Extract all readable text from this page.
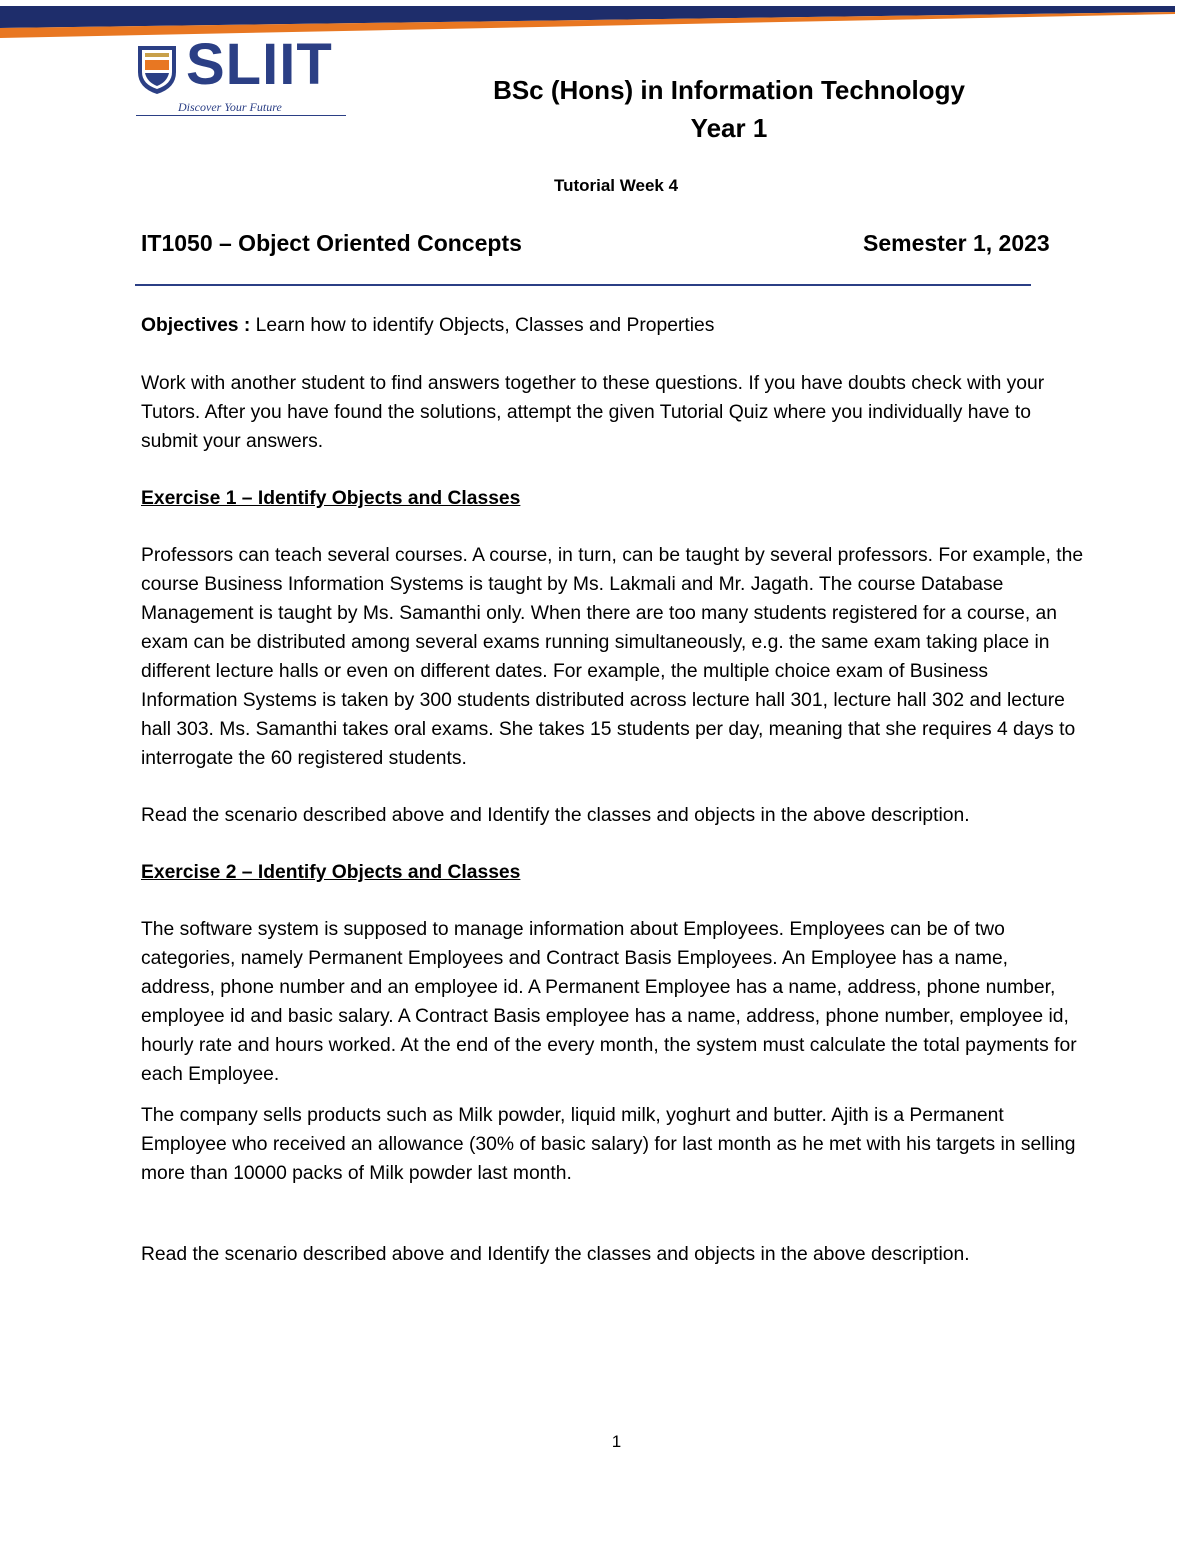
SLIIT
Discover Your Future
BSc (Hons) in Information Technology
Year 1
Tutorial Week 4
IT1050 – Object Oriented Concepts	Semester 1, 2023

Objectives : Learn how to identify Objects, Classes and Properties

Work with another student to find answers together to these questions. If you have doubts check with your Tutors. After you have found the solutions, attempt the given Tutorial Quiz where you individually have to submit your answers.

Exercise 1 – Identify Objects and Classes

Professors can teach several courses. A course, in turn, can be taught by several professors. For example, the course Business Information Systems is taught by Ms. Lakmali and Mr. Jagath. The course Database Management is taught by Ms. Samanthi only. When there are too many students registered for a course, an exam can be distributed among several exams running simultaneously, e.g. the same exam taking place in different lecture halls or even on different dates. For example, the multiple choice exam of Business Information Systems is taken by 300 students distributed across lecture hall 301, lecture hall 302 and lecture hall 303. Ms. Samanthi takes oral exams. She takes 15 students per day, meaning that she requires 4 days to interrogate the 60 registered students.

Read the scenario described above and Identify the classes and objects in the above description.

Exercise 2 – Identify Objects and Classes

The software system is supposed to manage information about Employees. Employees can be of two categories, namely Permanent Employees and Contract Basis Employees. An Employee has a name, address, phone number and an employee id. A Permanent Employee has a name, address, phone number, employee id and basic salary. A Contract Basis employee has a name, address, phone number, employee id, hourly rate and hours worked. At the end of the every month, the system must calculate the total payments for each Employee.

The company sells products such as Milk powder, liquid milk, yoghurt and butter. Ajith is a Permanent Employee who received an allowance (30% of basic salary) for last month as he met with his targets in selling more than 10000 packs of Milk powder last month.

Read the scenario described above and Identify the classes and objects in the above description.

1
